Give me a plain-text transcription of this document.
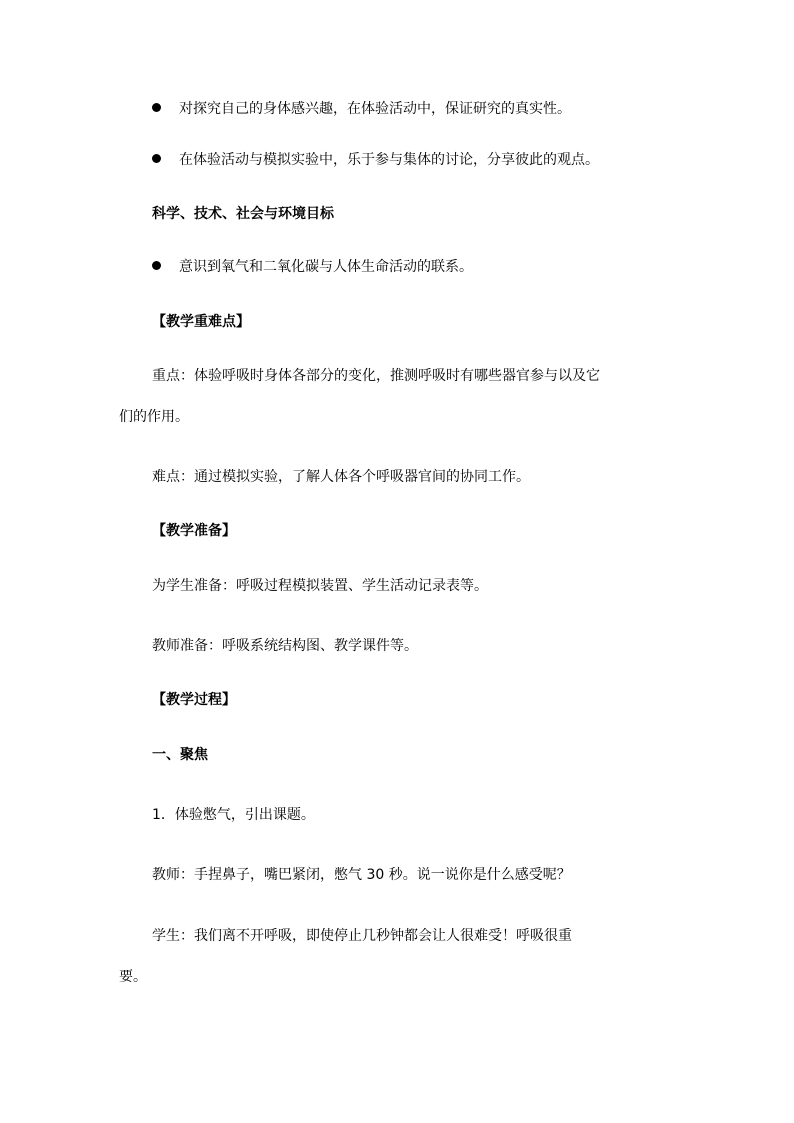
对探究自己的身体感兴趣，在体验活动中，保证研究的真实性。
在体验活动与模拟实验中，乐于参与集体的讨论，分享彼此的观点。
科学、技术、社会与环境目标
意识到氧气和二氧化碳与人体生命活动的联系。
【教学重难点】
重点：体验呼吸时身体各部分的变化，推测呼吸时有哪些器官参与以及它
们的作用。
难点：通过模拟实验，了解人体各个呼吸器官间的协同工作。
【教学准备】
为学生准备：呼吸过程模拟装置、学生活动记录表等。
教师准备：呼吸系统结构图、教学课件等。
【教学过程】
一、聚焦
1．体验憋气，引出课题。
教师：手捏鼻子，嘴巴紧闭，憋气 30 秒。说一说你是什么感受呢？
学生：我们离不开呼吸，即使停止几秒钟都会让人很难受！呼吸很重
要。
